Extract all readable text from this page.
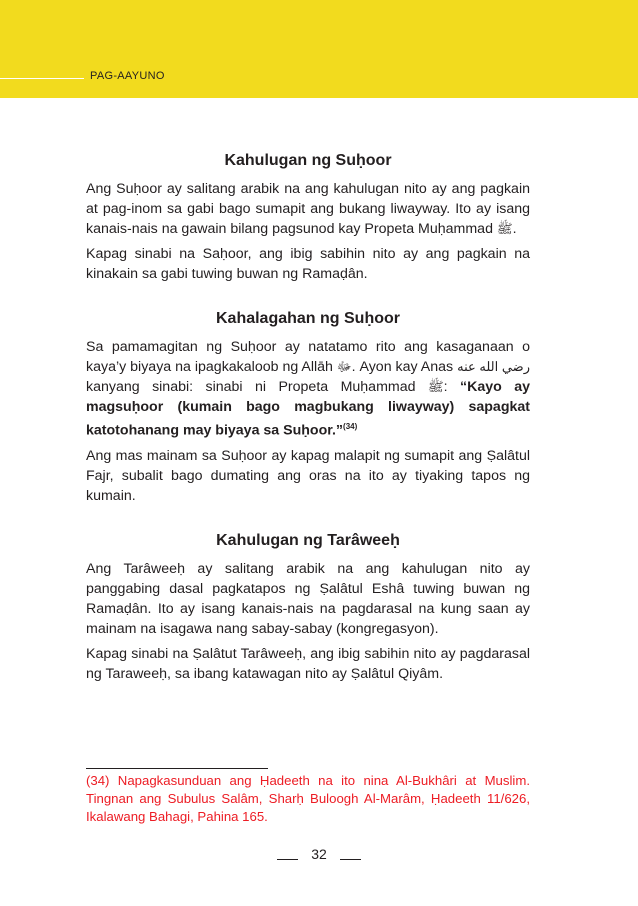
PAG-AAYUNO
Kahulugan ng Suḥoor

Ang Suḥoor ay salitang arabik na ang kahulugan nito ay ang pagkain at pag-inom sa gabi bago sumapit ang bukang liwayway. Ito ay isang kanais-nais na gawain bilang pagsunod kay Propeta Muḥammad ﷺ.

Kapag sinabi na Saḥoor, ang ibig sabihin nito ay ang pagkain na kinakain sa gabi tuwing buwan ng Ramaḍân.

Kahalagahan ng Suḥoor

Sa pamamagitan ng Suḥoor ay natatamo rito ang kasaganaan o kaya’y biyaya na ipagkakaloob ng Allāh ﷻ. Ayon kay Anas رضي الله عنه kanyang sinabi: sinabi ni Propeta Muḥammad ﷺ: “Kayo ay magsuḥoor (kumain bago magbukang liwayway) sapagkat katotohanang may biyaya sa Suḥoor.”$^{(34)}$

Ang mas mainam sa Suḥoor ay kapag malapit ng sumapit ang Ṣalâtul Fajr, subalit bago dumating ang oras na ito ay tiyaking tapos ng kumain.

Kahulugan ng Tarâweeḥ

Ang Tarâweeḥ ay salitang arabik na ang kahulugan nito ay panggabing dasal pagkatapos ng Ṣalâtul Eshâ tuwing buwan ng Ramaḍân. Ito ay isang kanais-nais na pagdarasal na kung saan ay mainam na isagawa nang sabay-sabay (kongregasyon).

Kapag sinabi na Ṣalâtut Tarâweeḥ, ang ibig sabihin nito ay pagdarasal ng Taraweeḥ, sa ibang katawagan nito ay Ṣalâtul Qiyâm.

(34) Napagkasunduan ang Ḥadeeth na ito nina Al-Bukhâri at Muslim. Tingnan ang Subulus Salâm, Sharḥ Buloogh Al-Marâm, Ḥadeeth 11/626, Ikalawang Bahagi, Pahina 165.
32
